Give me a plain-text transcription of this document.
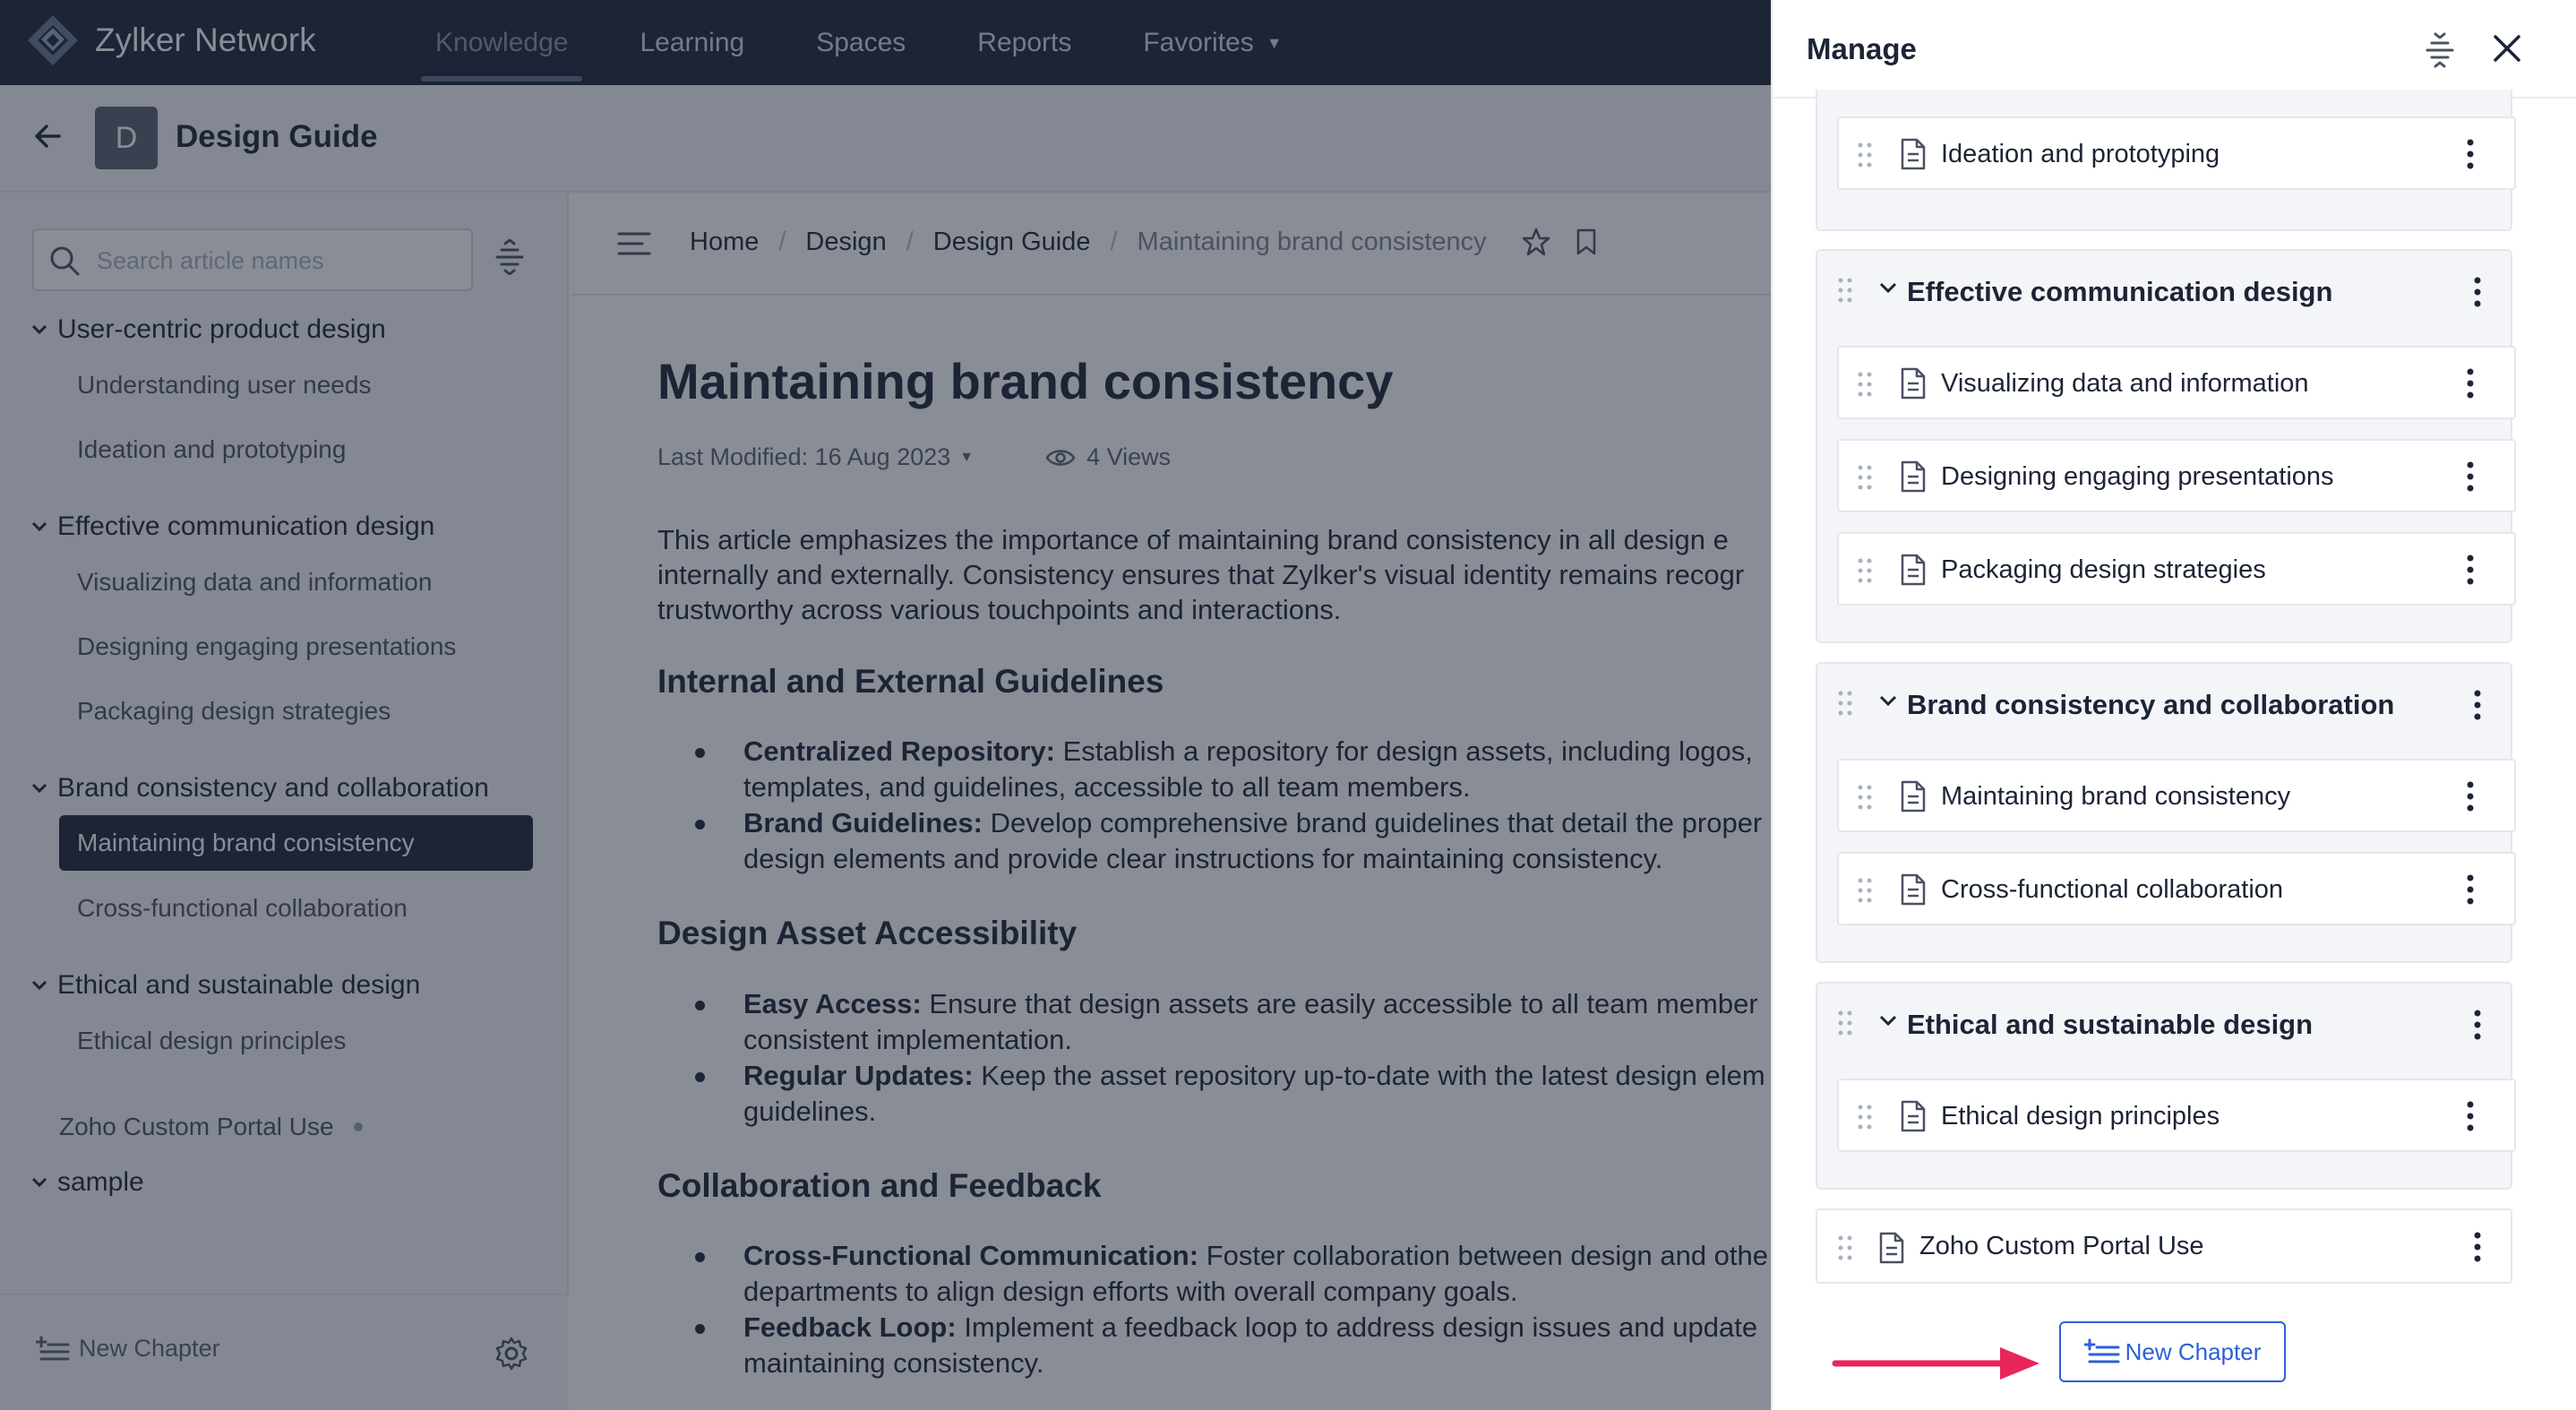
Search article names

Manage
Ideation and prototyping
Effective communication design
Visualizing data and information
Designing engaging presentations
Packaging design strategies
Brand consistency and collaboration
Maintaining brand consistency
Cross-functional collaboration
Ethical and sustainable design
Ethical design principles
Zoho Custom Portal Use
New Chapter
